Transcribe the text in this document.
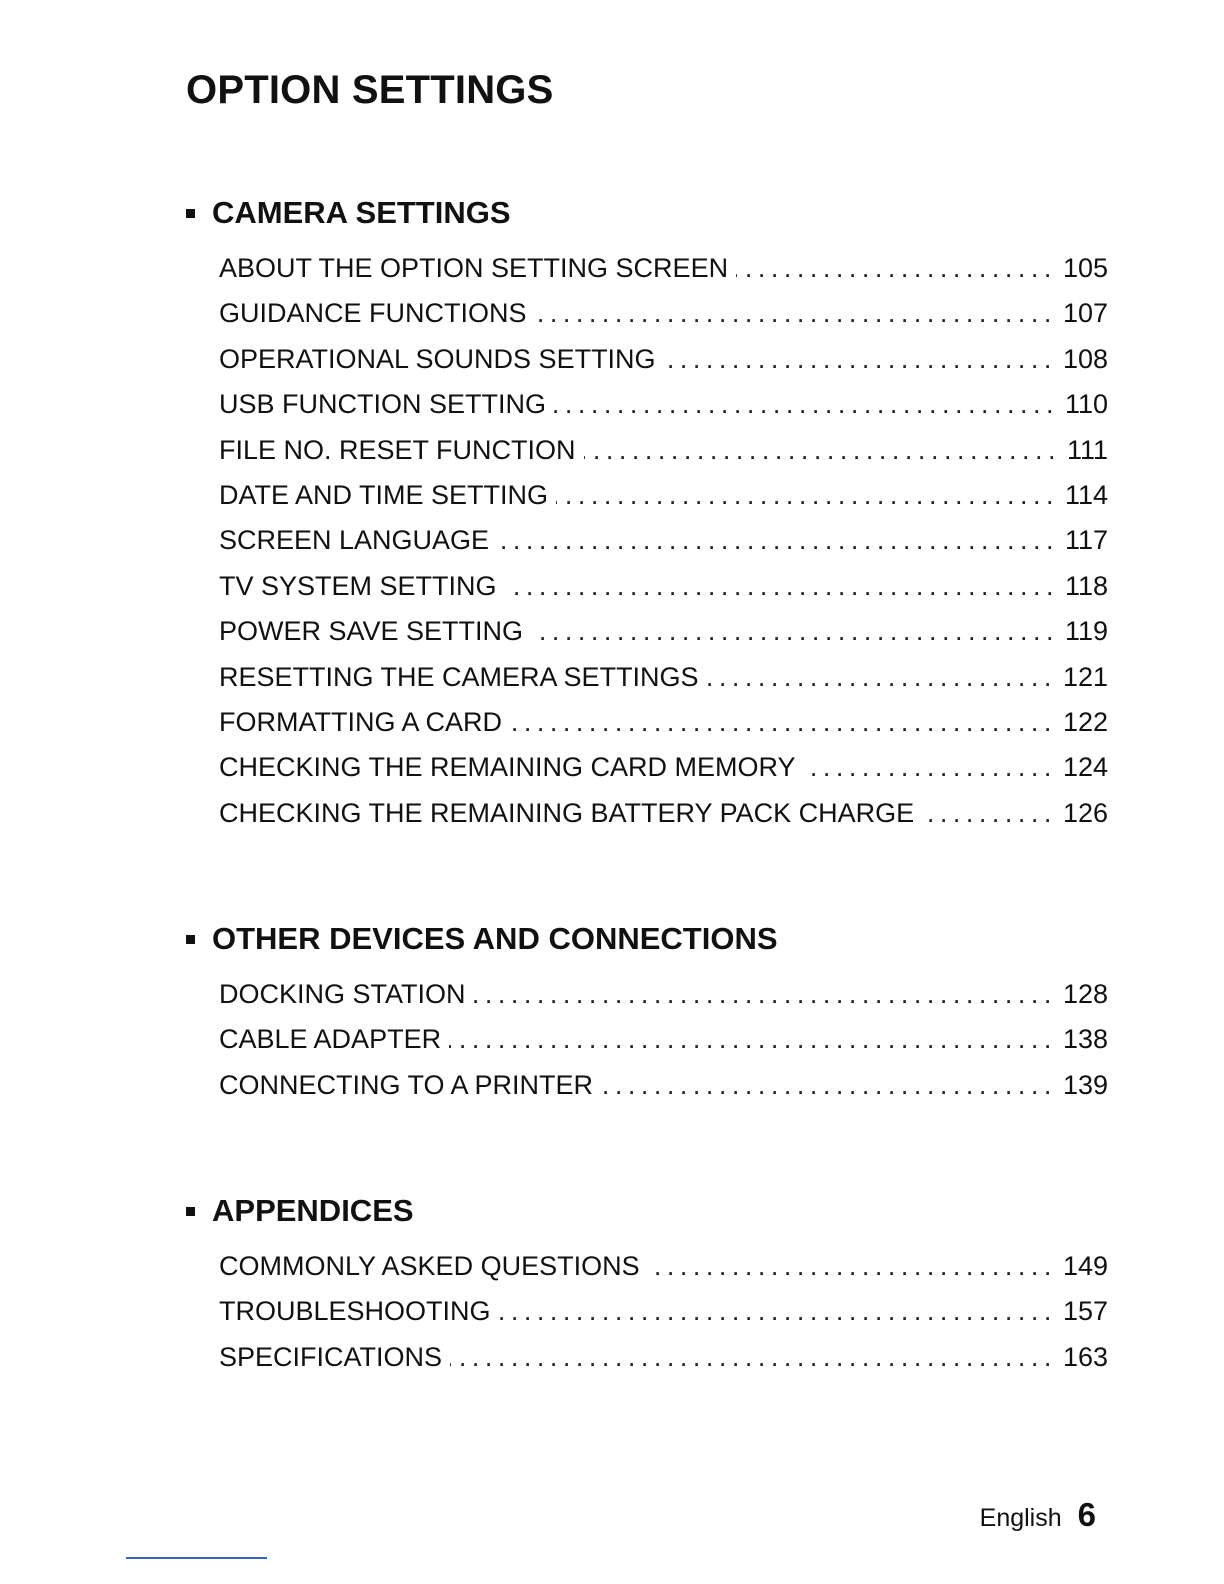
OPTION SETTINGS
CAMERA SETTINGS
ABOUT THE OPTION SETTING SCREEN .....	105
GUIDANCE FUNCTIONS .....	107
OPERATIONAL SOUNDS SETTING .....	108
USB FUNCTION SETTING .....	110
FILE NO. RESET FUNCTION .....	111
DATE AND TIME SETTING .....	114
SCREEN LANGUAGE .....	117
TV SYSTEM SETTING .....	118
POWER SAVE SETTING .....	119
RESETTING THE CAMERA SETTINGS .....	121
FORMATTING A CARD .....	122
CHECKING THE REMAINING CARD MEMORY .....	124
CHECKING THE REMAINING BATTERY PACK CHARGE .....	126
OTHER DEVICES AND CONNECTIONS
DOCKING STATION .....	128
CABLE ADAPTER .....	138
CONNECTING TO A PRINTER .....	139
APPENDICES
COMMONLY ASKED QUESTIONS .....	149
TROUBLESHOOTING .....	157
SPECIFICATIONS .....	163
English 6
